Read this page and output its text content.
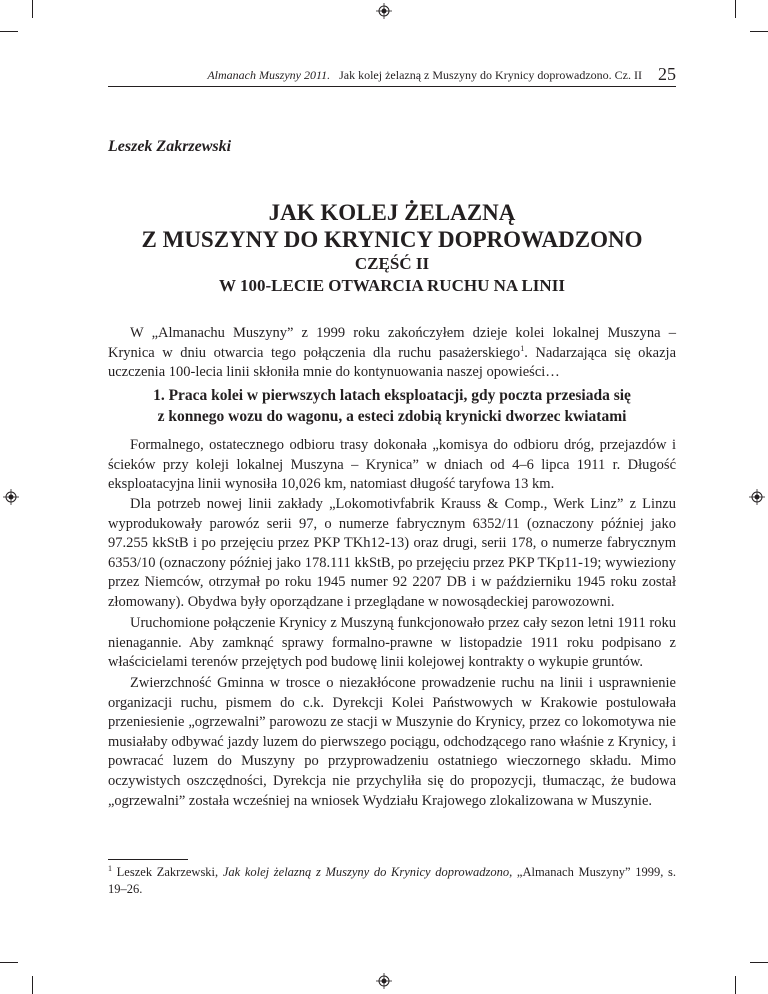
Almanach Muszyny 2011. Jak kolej żelazną z Muszyny do Krynicy doprowadzono. Cz. II 25
Leszek Zakrzewski
JAK KOLEJ ŻELAZNĄ
Z MUSZYNY DO KRYNICY DOPROWADZONO
CZĘŚĆ II
W 100-LECIE OTWARCIA RUCHU NA LINII
W „Almanachu Muszyny” z 1999 roku zakończyłem dzieje kolei lokalnej Muszyna – Krynica w dniu otwarcia tego połączenia dla ruchu pasażerskiego$^1$. Nadarzająca się okazja uczczenia 100-lecia linii skłoniła mnie do kontynuowania naszej opowieści…
1. Praca kolei w pierwszych latach eksploatacji, gdy poczta przesiada się
z konnego wozu do wagonu, a esteci zdobią krynicki dworzec kwiatami
Formalnego, ostatecznego odbioru trasy dokonała „komisya do odbioru dróg, przejazdów i ścieków przy koleji lokalnej Muszyna – Krynica” w dniach od 4–6 lipca 1911 r. Długość eksploatacyjna linii wynosiła 10,026 km, natomiast długość taryfowa 13 km.
Dla potrzeb nowej linii zakłady „Lokomotivfabrik Krauss & Comp., Werk Linz” z Linzu wyprodukowały parowóz serii 97, o numerze fabrycznym 6352/11 (oznaczony później jako 97.255 kkStB i po przejęciu przez PKP TKh12-13) oraz drugi, serii 178, o numerze fabrycznym 6353/10 (oznaczony później jako 178.111 kkStB, po przejęciu przez PKP TKp11-19; wywieziony przez Niemców, otrzymał po roku 1945 numer 92 2207 DB i w październiku 1945 roku został złomowany). Obydwa były oporządzane i przeglądane w nowosądeckiej parowozowni.
Uruchomione połączenie Krynicy z Muszyną funkcjonowało przez cały sezon letni 1911 roku nienagannie. Aby zamknąć sprawy formalno-prawne w listopadzie 1911 roku podpisano z właścicielami terenów przejętych pod budowę linii kolejowej kontrakty o wykupie gruntów.
Zwierzchność Gminna w trosce o niezakłócone prowadzenie ruchu na linii i usprawnienie organizacji ruchu, pismem do c.k. Dyrekcji Kolei Państwowych w Krakowie postulowała przeniesienie „ogrzewalni” parowozu ze stacji w Muszynie do Krynicy, przez co lokomotywa nie musiałaby odbywać jazdy luzem do pierwszego pociągu, odchodzącego rano właśnie z Krynicy, i powracać luzem do Muszyny po przyprowadzeniu ostatniego wieczornego składu. Mimo oczywistych oszczędności, Dyrekcja nie przychyliła się do propozycji, tłumacząc, że budowa „ogrzewalni” została wcześniej na wniosek Wydziału Krajowego zlokalizowana w Muszynie.
$^1$ Leszek Zakrzewski, Jak kolej żelazną z Muszyny do Krynicy doprowadzono, „Almanach Muszyny” 1999, s. 19–26.
